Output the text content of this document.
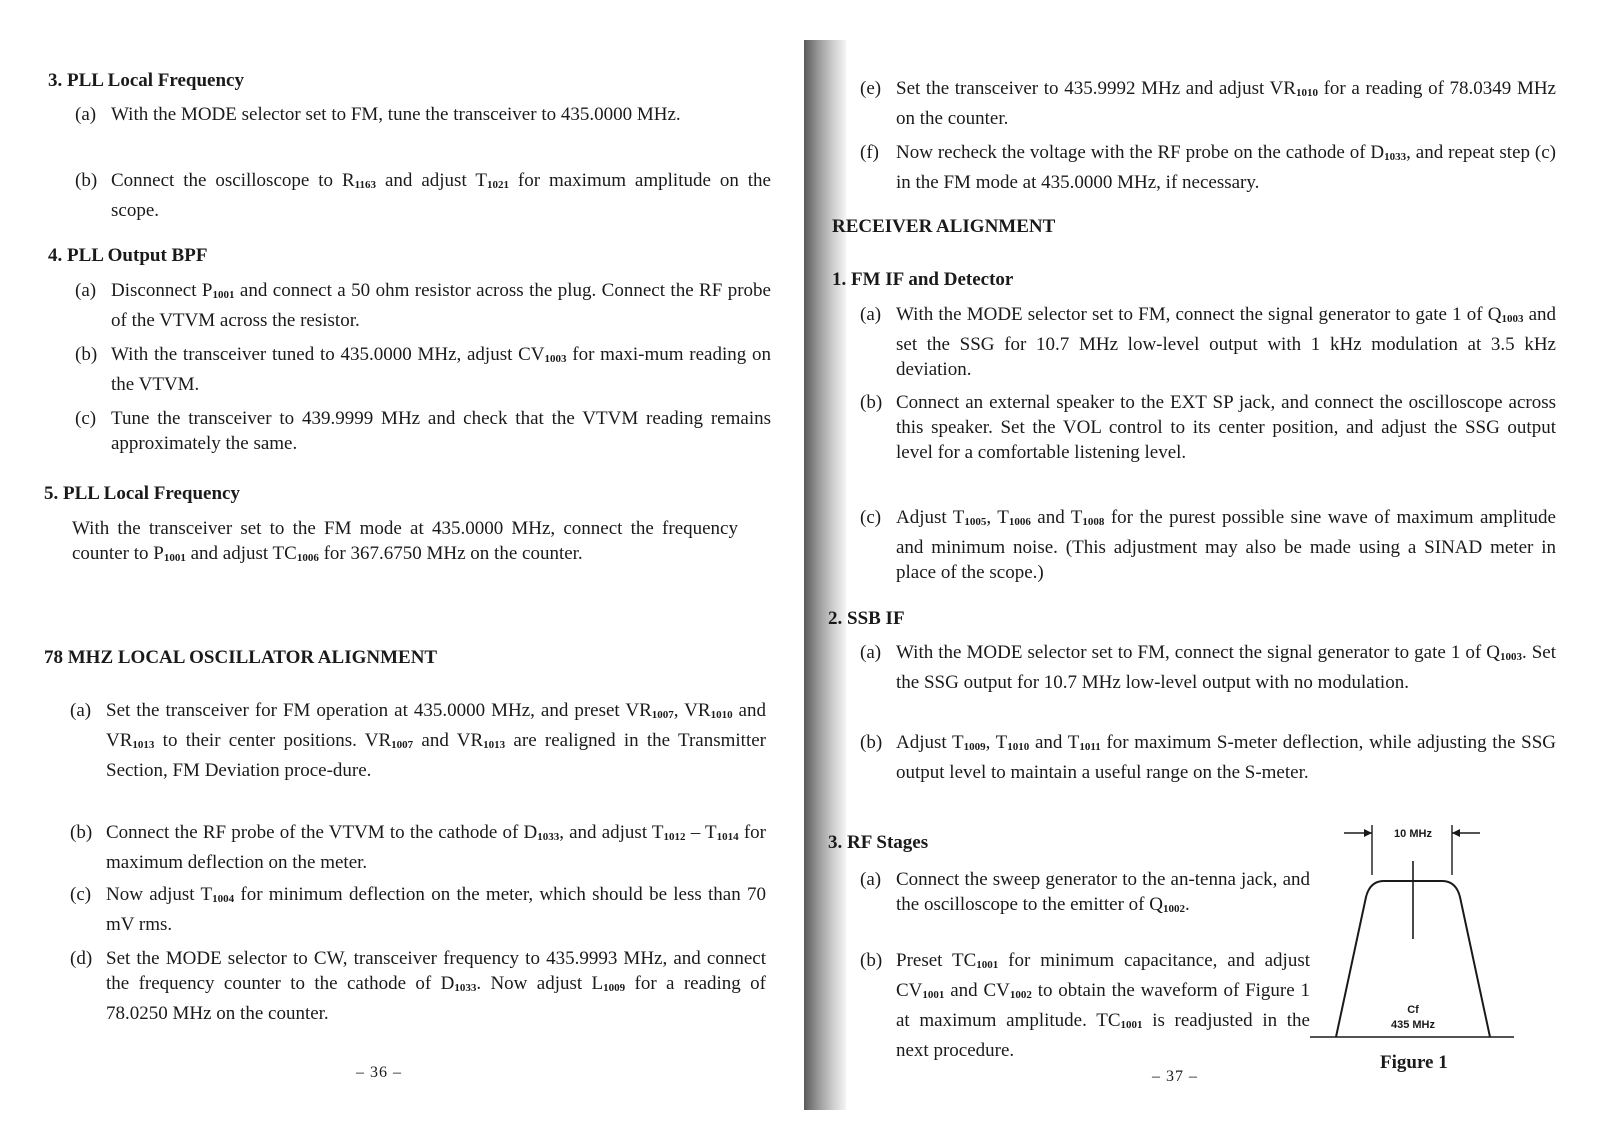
3. PLL Local Frequency
(a) With the MODE selector set to FM, tune the transceiver to 435.0000 MHz.
(b) Connect the oscilloscope to $R_{1163}$ and adjust $T_{1021}$ for maximum amplitude on the scope.
4. PLL Output BPF
(a) Disconnect $P_{1001}$ and connect a 50 ohm resistor across the plug. Connect the RF probe of the VTVM across the resistor.
(b) With the transceiver tuned to 435.0000 MHz, adjust $CV_{1003}$ for maxi-mum reading on the VTVM.
(c) Tune the transceiver to 439.9999 MHz and check that the VTVM reading remains approximately the same.
5. PLL Local Frequency
With the transceiver set to the FM mode at 435.0000 MHz, connect the frequency counter to $P_{1001}$ and adjust $TC_{1006}$ for 367.6750 MHz on the counter.
78 MHZ LOCAL OSCILLATOR ALIGNMENT
(a) Set the transceiver for FM operation at 435.0000 MHz, and preset $VR_{1007}$, $VR_{1010}$ and $VR_{1013}$ to their center positions. $VR_{1007}$ and $VR_{1013}$ are realigned in the Transmitter Section, FM Deviation proce-dure.
(b) Connect the RF probe of the VTVM to the cathode of $D_{1033}$, and adjust $T_{1012} - T_{1014}$ for maximum deflection on the meter.
(c) Now adjust $T_{1004}$ for minimum deflection on the meter, which should be less than 70 mV rms.
(d) Set the MODE selector to CW, transceiver frequency to 435.9993 MHz, and connect the frequency counter to the cathode of $D_{1033}$. Now adjust $L_{1009}$ for a reading of 78.0250 MHz on the counter.
– 36 –
(e) Set the transceiver to 435.9992 MHz and adjust $VR_{1010}$ for a reading of 78.0349 MHz on the counter.
(f) Now recheck the voltage with the RF probe on the cathode of $D_{1033}$, and repeat step (c) in the FM mode at 435.0000 MHz, if necessary.
RECEIVER ALIGNMENT
1. FM IF and Detector
(a) With the MODE selector set to FM, connect the signal generator to gate 1 of $Q_{1003}$ and set the SSG for 10.7 MHz low-level output with 1 kHz modulation at 3.5 kHz deviation.
(b) Connect an external speaker to the EXT SP jack, and connect the oscilloscope across this speaker. Set the VOL control to its center position, and adjust the SSG output level for a comfortable listening level.
(c) Adjust $T_{1005}$, $T_{1006}$ and $T_{1008}$ for the purest possible sine wave of maximum amplitude and minimum noise. (This adjustment may also be made using a SINAD meter in place of the scope.)
2. SSB IF
(a) With the MODE selector set to FM, connect the signal generator to gate 1 of $Q_{1003}$. Set the SSG output for 10.7 MHz low-level output with no modulation.
(b) Adjust $T_{1009}$, $T_{1010}$ and $T_{1011}$ for maximum S-meter deflection, while adjusting the SSG output level to maintain a useful range on the S-meter.
3. RF Stages
(a) Connect the sweep generator to the an-tenna jack, and the oscilloscope to the emitter of $Q_{1002}$.
(b) Preset $TC_{1001}$ for minimum capacitance, and adjust $CV_{1001}$ and $CV_{1002}$ to obtain the waveform of Figure 1 at maximum amplitude. $TC_{1001}$ is readjusted in the next procedure.
10 MHz
Cf
435 MHz
Figure 1
– 37 –
